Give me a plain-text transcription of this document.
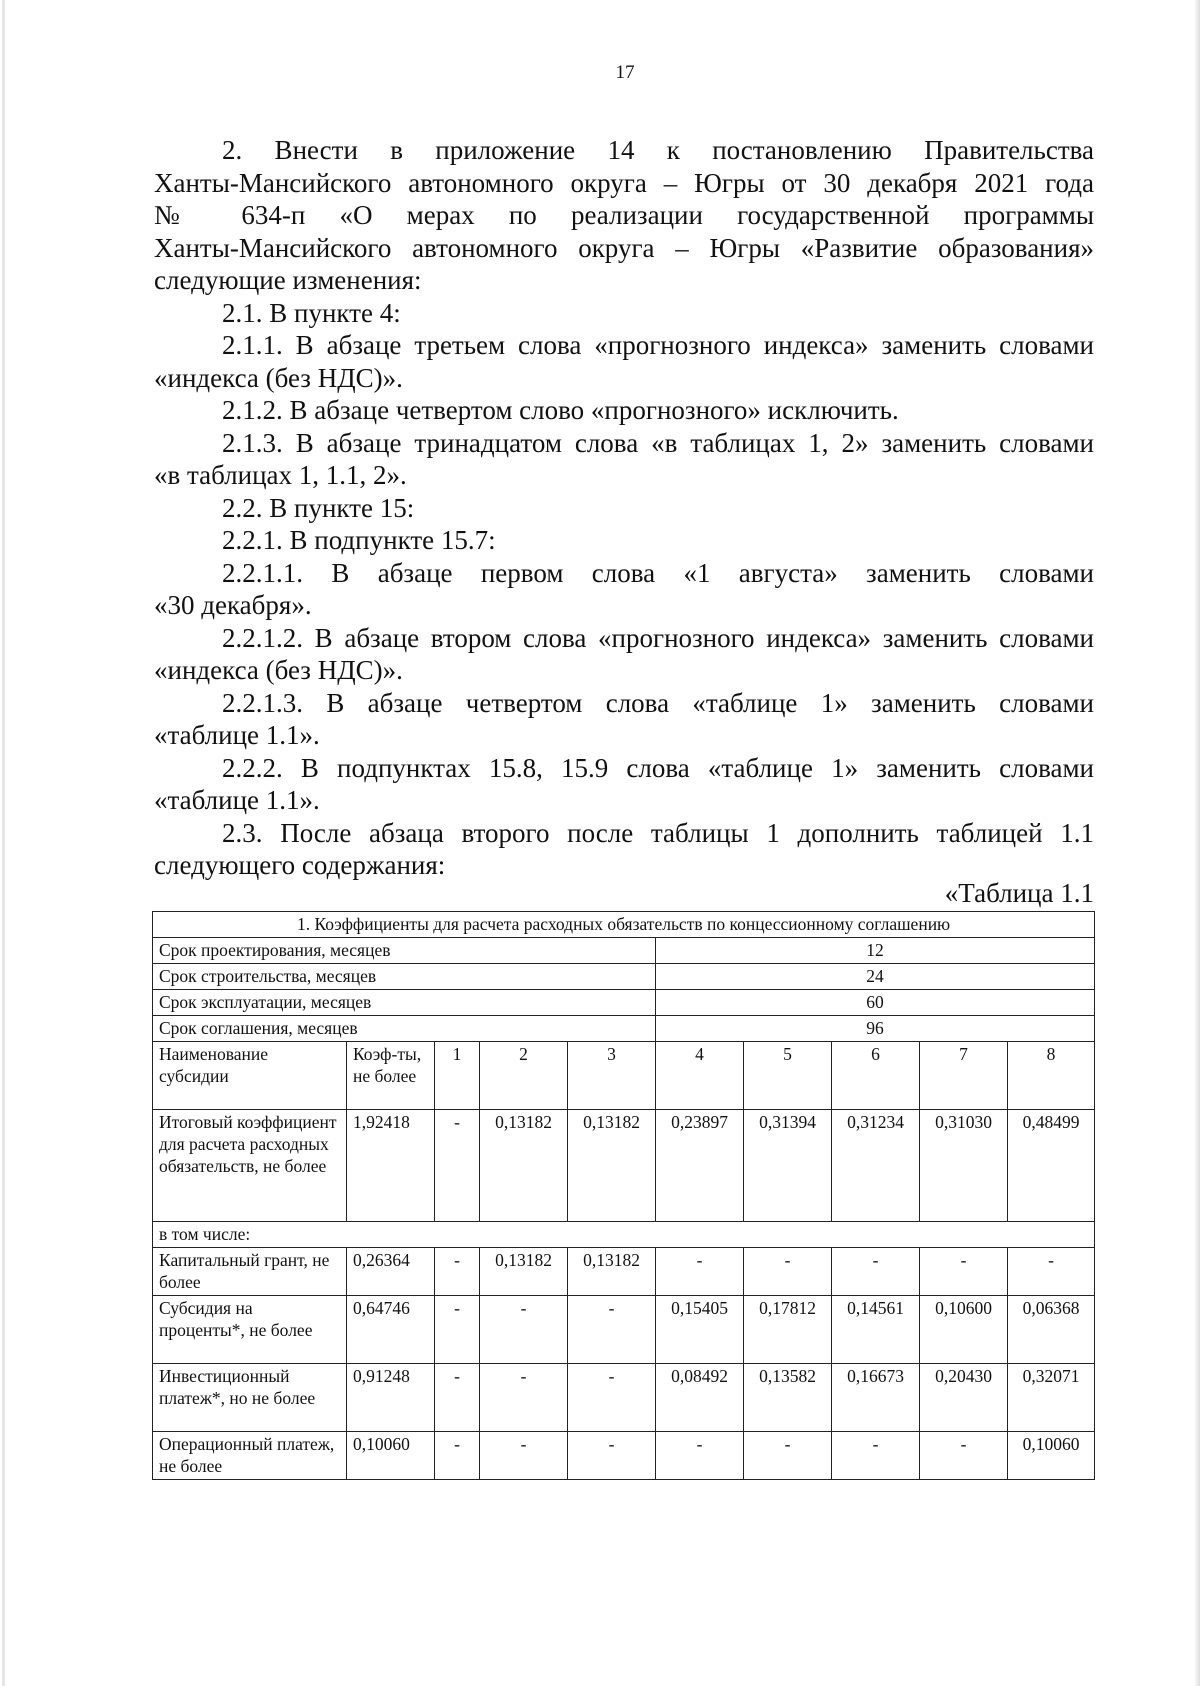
17
2. Внести в приложение 14 к постановлению Правительства
Ханты-Мансийского автономного округа – Югры от 30 декабря 2021 года
№ 634-п «О мерах по реализации государственной программы
Ханты-Мансийского автономного округа – Югры «Развитие образования»
следующие изменения:
2.1. В пункте 4:
2.1.1. В абзаце третьем слова «прогнозного индекса» заменить словами
«индекса (без НДС)».
2.1.2. В абзаце четвертом слово «прогнозного» исключить.
2.1.3. В абзаце тринадцатом слова «в таблицах 1, 2» заменить словами
«в таблицах 1, 1.1, 2».
2.2. В пункте 15:
2.2.1. В подпункте 15.7:
2.2.1.1. В абзаце первом слова «1 августа» заменить словами
«30 декабря».
2.2.1.2. В абзаце втором слова «прогнозного индекса» заменить словами
«индекса (без НДС)».
2.2.1.3. В абзаце четвертом слова «таблице 1» заменить словами
«таблице 1.1».
2.2.2. В подпунктах 15.8, 15.9 слова «таблице 1» заменить словами
«таблице 1.1».
2.3. После абзаца второго после таблицы 1 дополнить таблицей 1.1
следующего содержания:
«Таблица 1.1
1. Коэффициенты для расчета расходных обязательств по концессионному соглашению									
Срок проектирования, месяцев					12				
Срок строительства, месяцев					24				
Срок эксплуатации, месяцев					60				
Срок соглашения, месяцев					96				
Наименование субсидии	Коэф-ты, не более	1	2	3	4	5	6	7	8
Итоговый коэффициент для расчета расходных обязательств, не более	1,92418	-	0,13182	0,13182	0,23897	0,31394	0,31234	0,31030	0,48499
в том числе:									
Капитальный грант, не более	0,26364	-	0,13182	0,13182	-	-	-	-	-
Субсидия на проценты*, не более	0,64746	-	-	-	0,15405	0,17812	0,14561	0,10600	0,06368
Инвестиционный платеж*, но не более	0,91248	-	-	-	0,08492	0,13582	0,16673	0,20430	0,32071
Операционный платеж, не более	0,10060	-	-	-	-	-	-	-	0,10060
